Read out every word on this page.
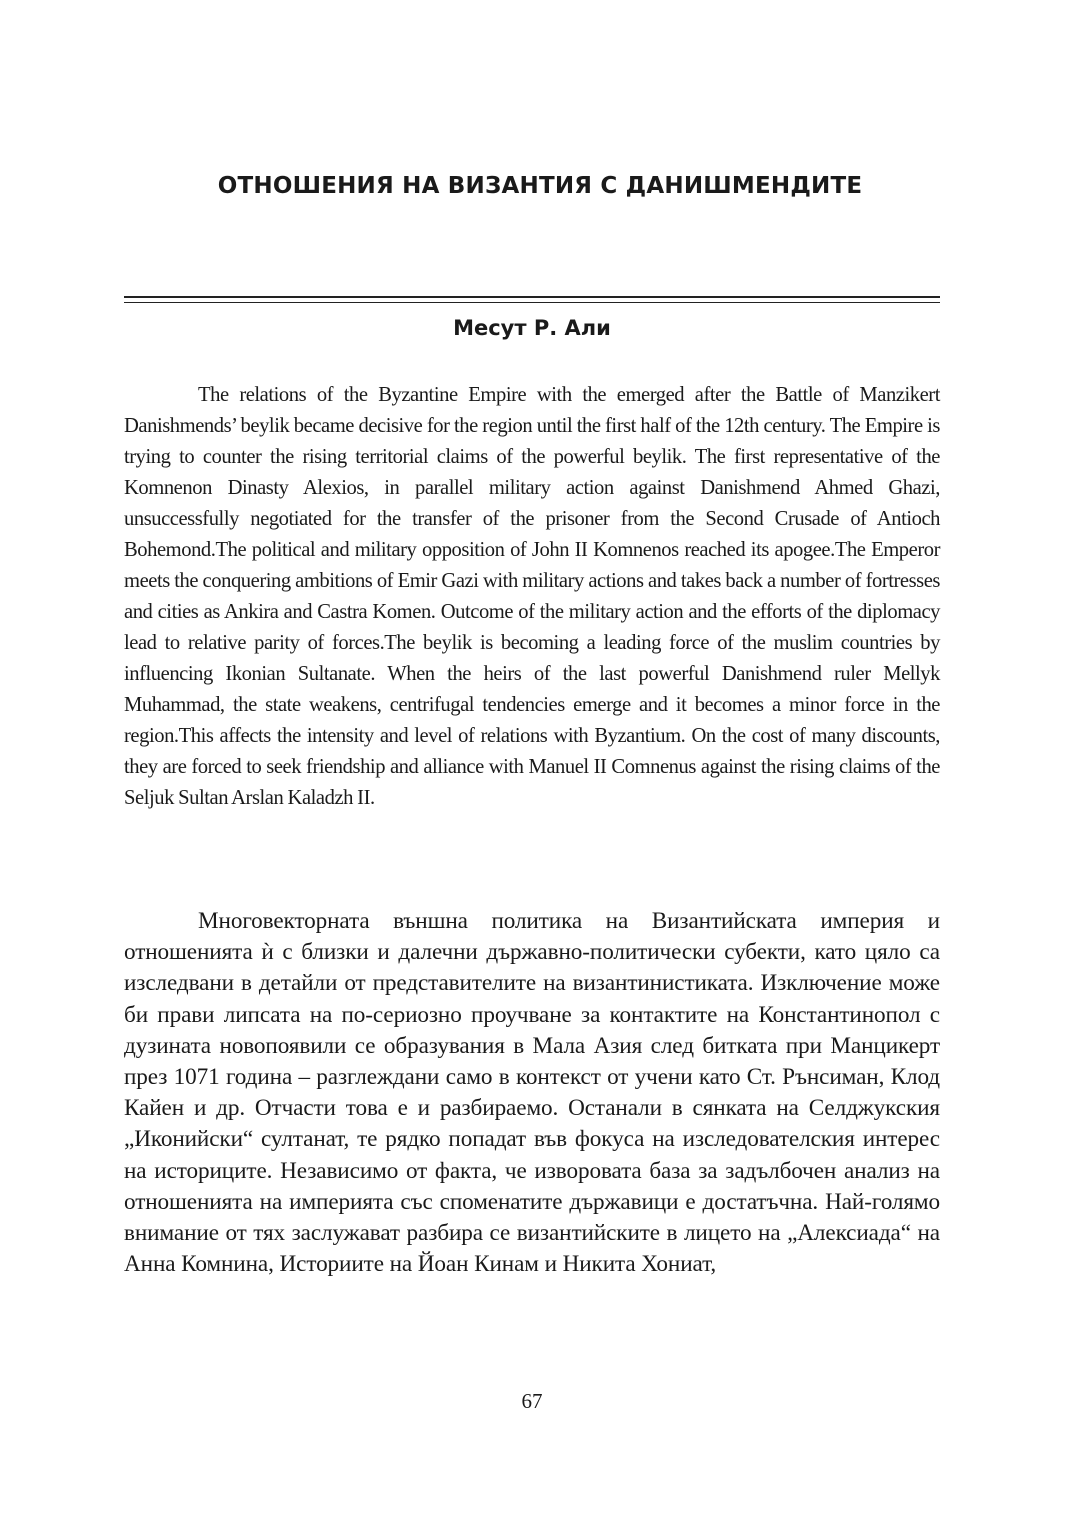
ОТНОШЕНИЯ НА ВИЗАНТИЯ С ДАНИШМЕНДИТЕ
Месут Р. Али

The relations of the Byzantine Empire with the emerged after the Battle of Manzikert Danishmends’ beylik became decisive for the region until the first half of the 12th century. The Empire is trying to counter the rising territorial claims of the powerful beylik. The first representative of the Komnenon Dinasty Alexios, in parallel military action against Danishmend Ahmed Ghazi, unsuccessfully negotiated for the transfer of the prisoner from the Second Crusade of Antioch Bohemond.The political and military opposition of John II Komnenos reached its apogee.The Emperor meets the conquering ambitions of Emir Gazi with military actions and takes back a number of fortresses and cities as Ankira and Castra Komen. Outcome of the military action and the efforts of the diplomacy lead to relative parity of forces.The beylik is becoming a leading force of the muslim countries by influencing Ikonian Sultanate. When the heirs of the last powerful Danishmend ruler Mellyk Muhammad, the state weakens, centrifugal tendencies emerge and it becomes a minor force in the region.This affects the intensity and level of relations with Byzantium. On the cost of many discounts, they are forced to seek friendship and alliance with Manuel II Comnenus against the rising claims of the Seljuk Sultan Arslan Kaladzh II.

Многовекторната външна политика на Византийската империя и отношенията ѝ с близки и далечни държавно-политически субекти, като цяло са изследвани в детайли от представителите на византинистиката. Изключение може би прави липсата на по-сериозно проучване за контактите на Константинопол с дузината новопоявили се образувания в Мала Азия след битката при Манцикерт през 1071 година – разглеждани само в контекст от учени като Ст. Рънсиман, Клод Кайен и др. Отчасти това е и разбираемо. Останали в сянката на Селджукския „Иконийски“ султанат, те рядко попадат във фокуса на изследователския интерес на историците. Независимо от факта, че изворовата база за задълбочен анализ на отношенията на империята със споменатите държавици е достатъчна. Най-голямо внимание от тях заслужават разбира се византийските в лицето на „Алексиада“ на Анна Комнина, Историите на Йоан Кинам и Никита Хониат,

67
